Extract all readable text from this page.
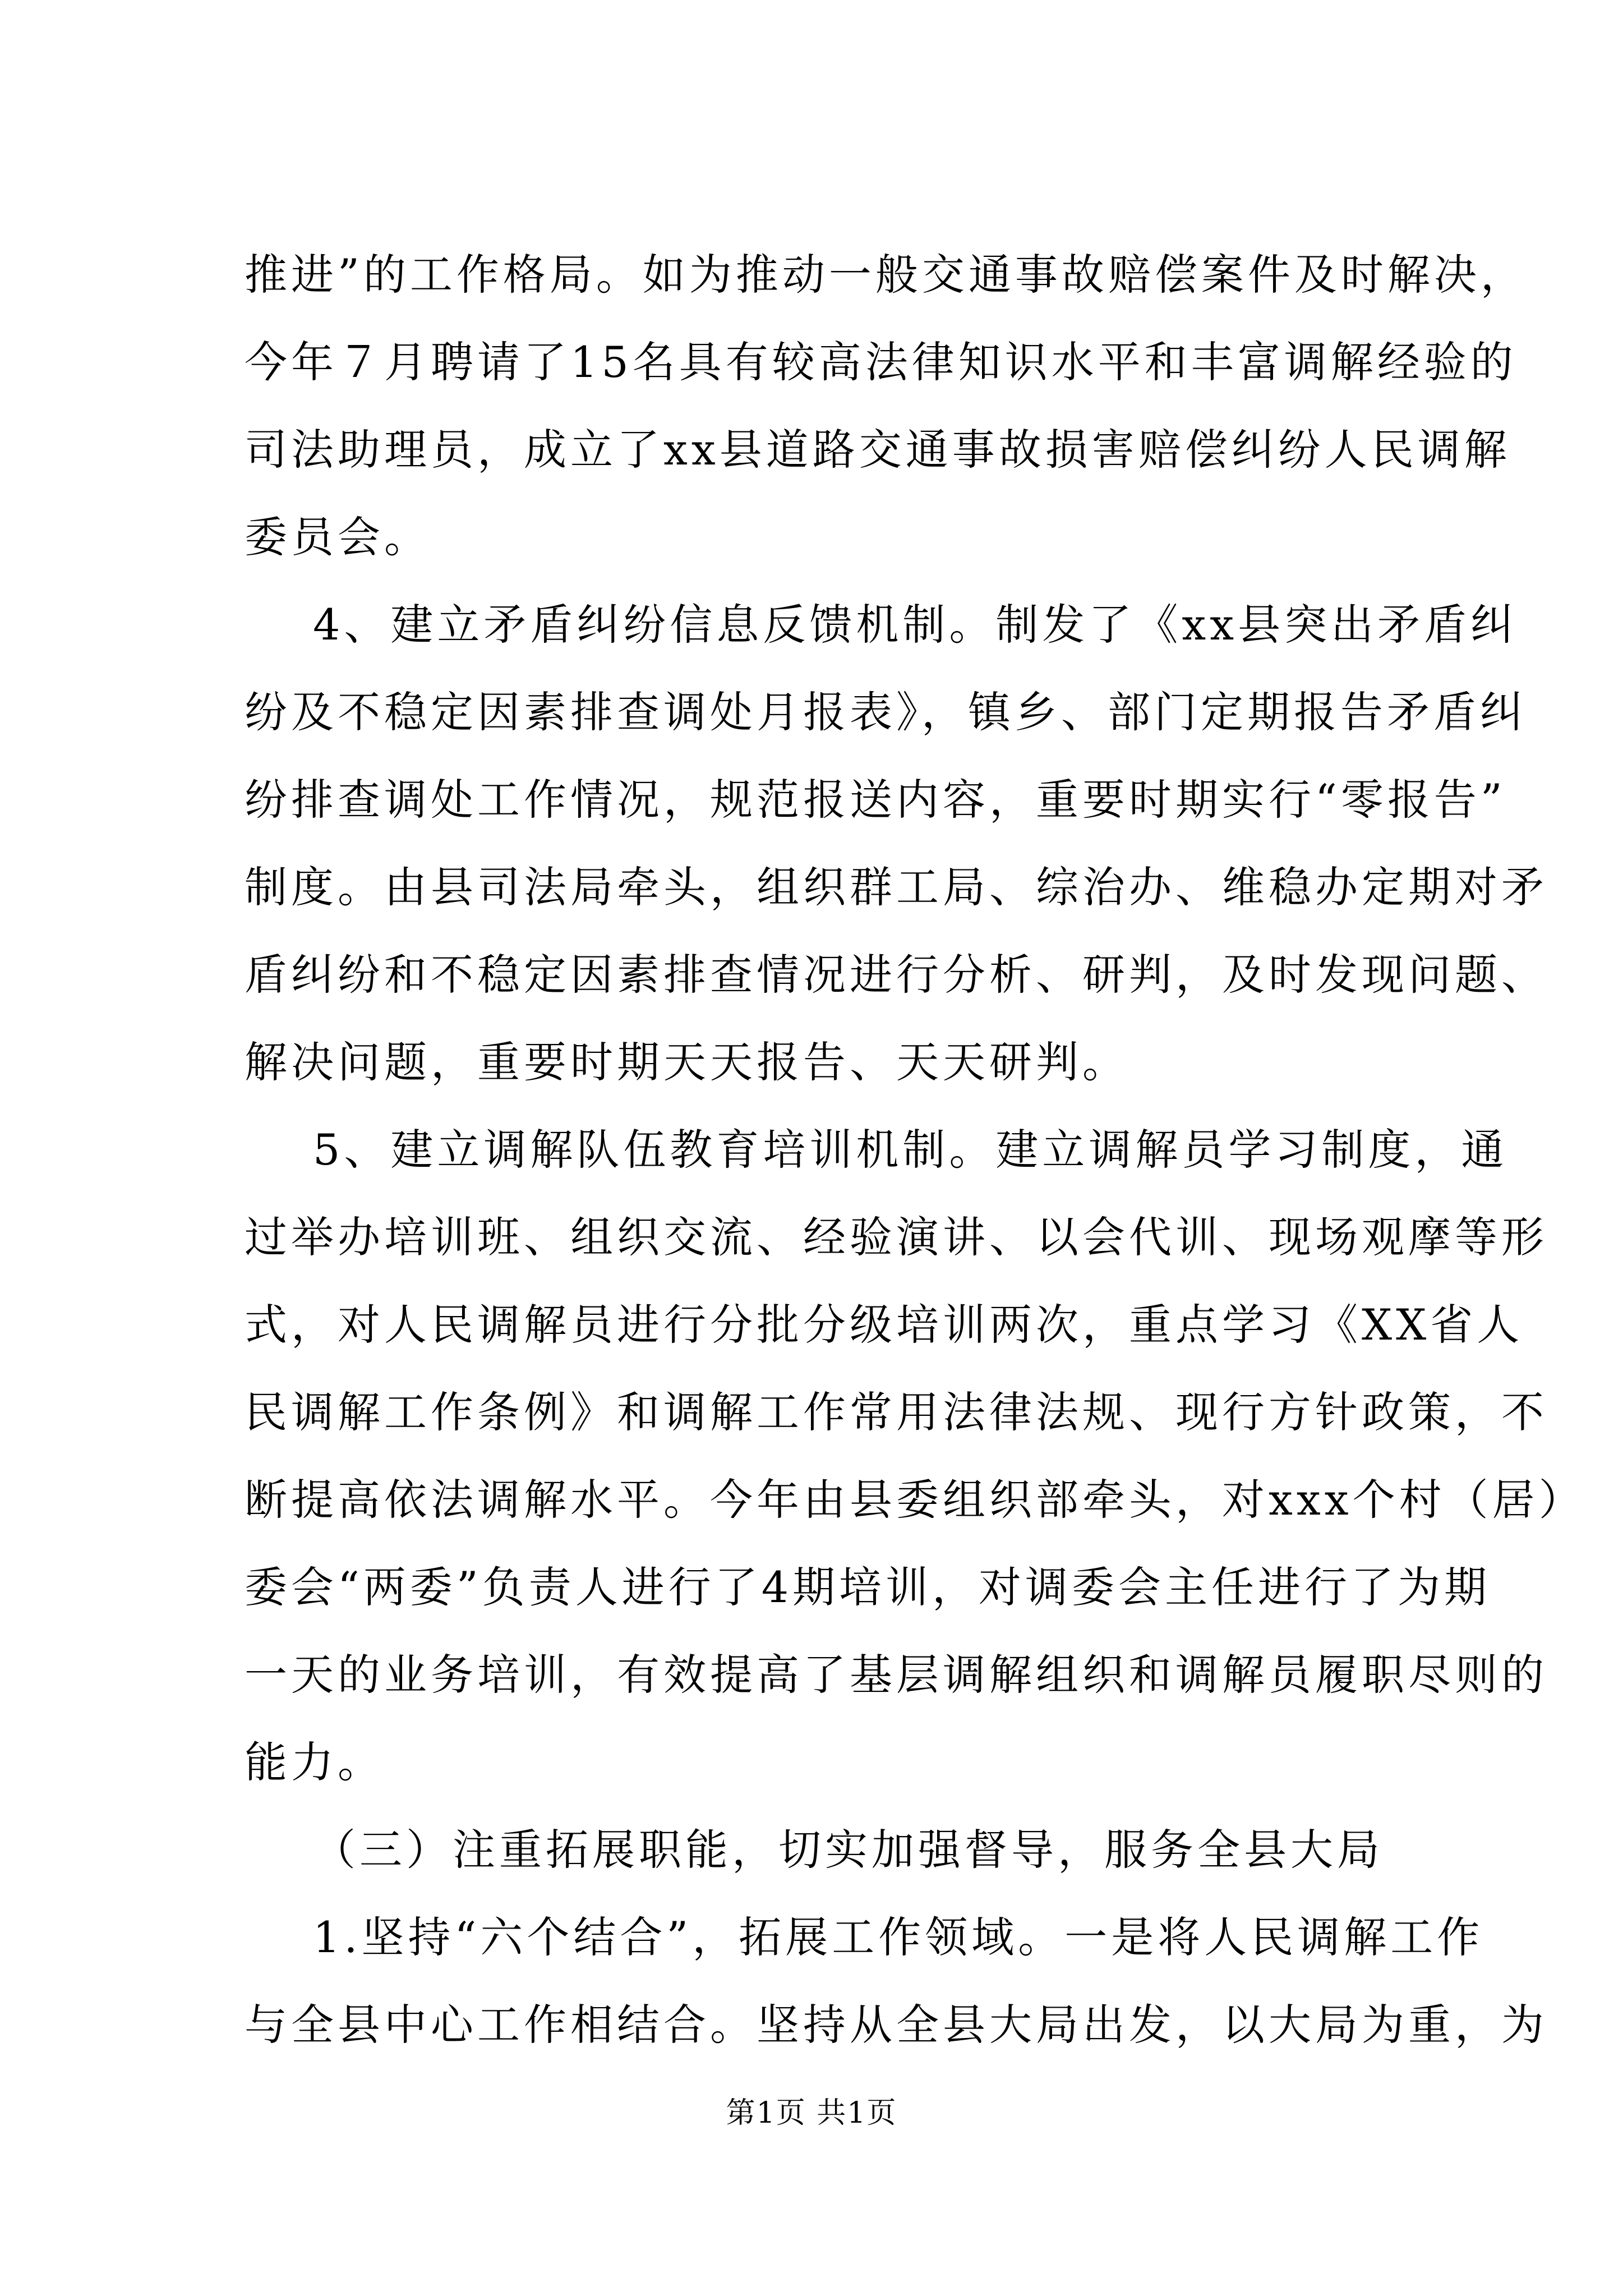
推进”的工作格局。如为推动一般交通事故赔偿案件及时解决，
今年７月聘请了15名具有较高法律知识水平和丰富调解经验的
司法助理员，成立了xx县道路交通事故损害赔偿纠纷人民调解
委员会。
4、建立矛盾纠纷信息反馈机制。制发了《xx县突出矛盾纠
纷及不稳定因素排查调处月报表》，镇乡、部门定期报告矛盾纠
纷排查调处工作情况，规范报送内容，重要时期实行“零报告”
制度。由县司法局牵头，组织群工局、综治办、维稳办定期对矛
盾纠纷和不稳定因素排查情况进行分析、研判，及时发现问题、
解决问题，重要时期天天报告、天天研判。
5、建立调解队伍教育培训机制。建立调解员学习制度，通
过举办培训班、组织交流、经验演讲、以会代训、现场观摩等形
式，对人民调解员进行分批分级培训两次，重点学习《XX省人
民调解工作条例》和调解工作常用法律法规、现行方针政策，不
断提高依法调解水平。今年由县委组织部牵头，对xxx个村（居）
委会“两委”负责人进行了4期培训，对调委会主任进行了为期
一天的业务培训，有效提高了基层调解组织和调解员履职尽则的
能力。
（三）注重拓展职能，切实加强督导，服务全县大局
1.坚持“六个结合”，拓展工作领域。一是将人民调解工作
与全县中心工作相结合。坚持从全县大局出发，以大局为重，为
第1页 共1页
